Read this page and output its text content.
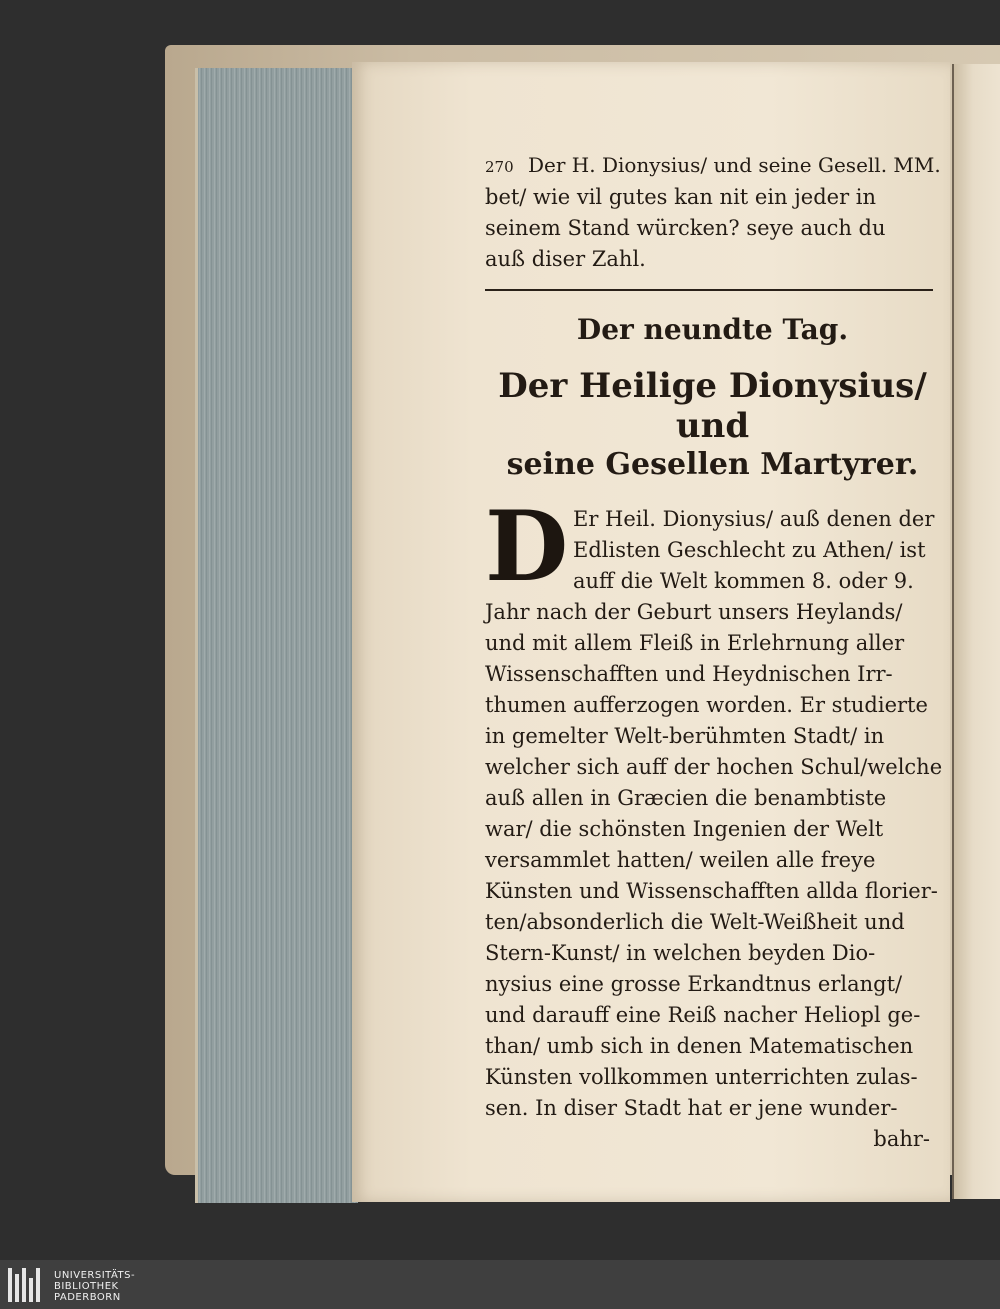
270 Der H. Dionysius/ und seine Gesell. MM.
bet/ wie vil gutes kan nit ein jeder in
seinem Stand würcken? seye auch du
auß diser Zahl.
Der neundte Tag.
Der Heilige Dionysius/ und
seine Gesellen Martyrer.
D Er Heil. Dionysius/ auß denen der
Edlisten Geschlecht zu Athen/ ist
auff die Welt kommen 8. oder 9.
Jahr nach der Geburt unsers Heylands/
und mit allem Fleiß in Erlehrnung aller
Wissenschafften und Heydnischen Irr-
thumen aufferzogen worden. Er studierte
in gemelter Welt-berühmten Stadt/ in
welcher sich auff der hochen Schul/welche
auß allen in Græcien die benambtiste
war/ die schönsten Ingenien der Welt
versammlet hatten/ weilen alle freye
Künsten und Wissenschafften allda florier-
ten/absonderlich die Welt-Weißheit und
Stern-Kunst/ in welchen beyden Dio-
nysius eine grosse Erkandtnus erlangt/
und darauff eine Reiß nacher Heliopl ge-
than/ umb sich in denen Matematischen
Künsten vollkommen unterrichten zulas-
sen. In diser Stadt hat er jene wunder-
bahr-
UNIVERSITÄTS-
BIBLIOTHEK
PADERBORN
